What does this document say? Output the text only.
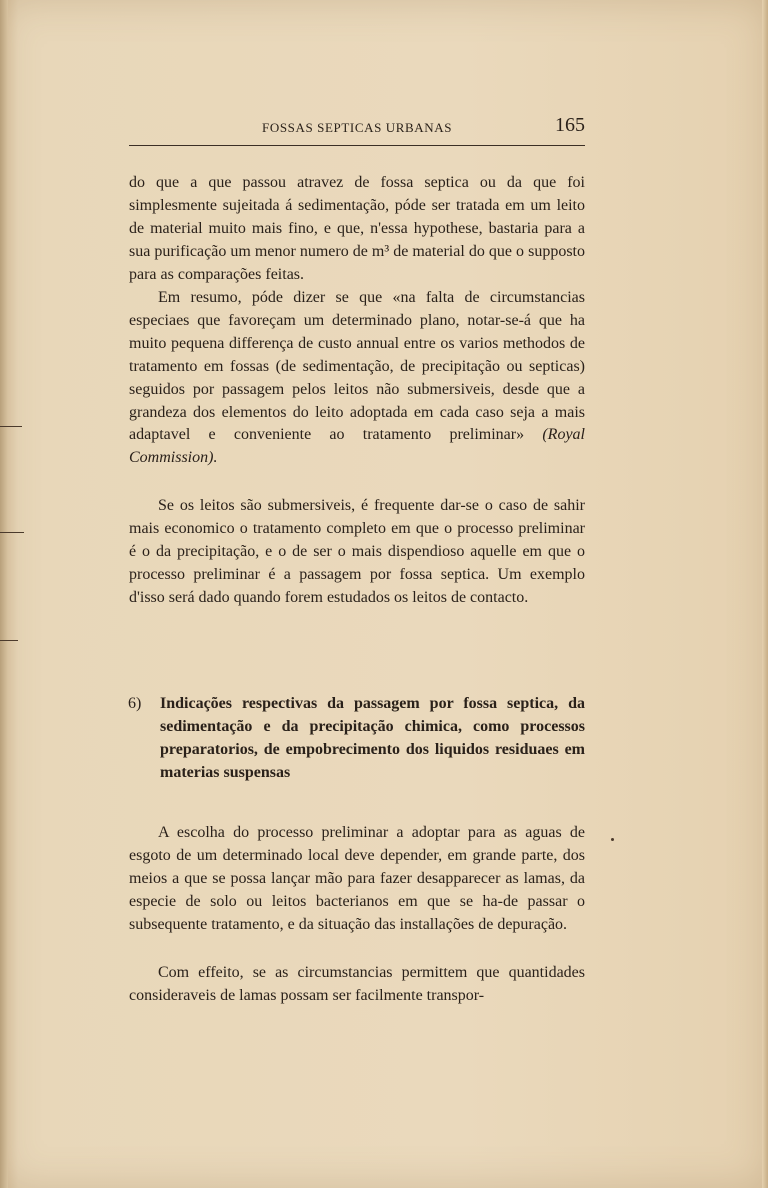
FOSSAS SEPTICAS URBANAS	165

do que a que passou atravez de fossa septica ou da que foi simplesmente sujeitada á sedimentação, póde ser tratada em um leito de material muito mais fino, e que, n'essa hypothese, bastaria para a sua purificação um menor numero de m³ de material do que o supposto para as comparações feitas.

Em resumo, póde dizer se que «na falta de circumstancias especiaes que favoreçam um determinado plano, notar-se-á que ha muito pequena differença de custo annual entre os varios methodos de tratamento em fossas (de sedimentação, de precipitação ou septicas) seguidos por passagem pelos leitos não submersiveis, desde que a grandeza dos elementos do leito adoptada em cada caso seja a mais adaptavel e conveniente ao tratamento preliminar» (Royal Commission).

Se os leitos são submersiveis, é frequente dar-se o caso de sahir mais economico o tratamento completo em que o processo preliminar é o da precipitação, e o de ser o mais dispendioso aquelle em que o processo preliminar é a passagem por fossa septica. Um exemplo d'isso será dado quando forem estudados os leitos de contacto.

6) Indicações respectivas da passagem por fossa septica, da sedimentação e da precipitação chimica, como processos preparatorios, de empobrecimento dos liquidos residuaes em materias suspensas

A escolha do processo preliminar a adoptar para as aguas de esgoto de um determinado local deve depender, em grande parte, dos meios a que se possa lançar mão para fazer desapparecer as lamas, da especie de solo ou leitos bacterianos em que se ha-de passar o subsequente tratamento, e da situação das installações de depuração.

Com effeito, se as circumstancias permittem que quantidades consideraveis de lamas possam ser facilmente transpor-
